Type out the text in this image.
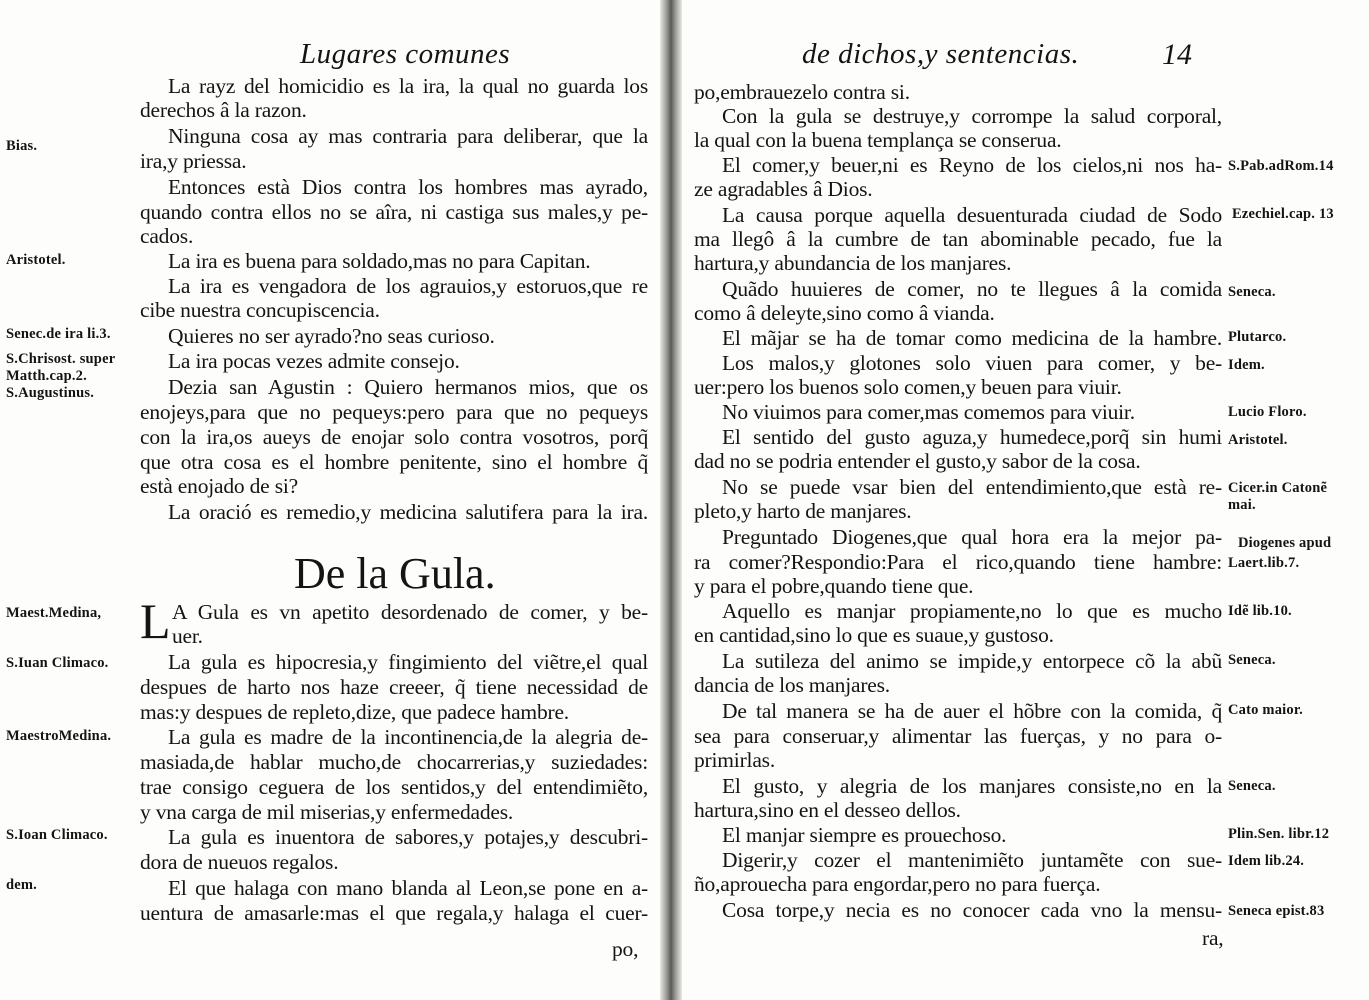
Lugares comunes
La rayz del homicidio es la ira, la qual no guarda los
derechos â la razon.
Ninguna cosa ay mas contraria para deliberar, que la
ira,y priessa.
Entonces està Dios contra los hombres mas ayrado,
quando contra ellos no se aîra, ni castiga sus males,y pe-
cados.
La ira es buena para soldado,mas no para Capitan.
La ira es vengadora de los agrauios,y estoruos,que re
cibe nuestra concupiscencia.
Quieres no ser ayrado?no seas curioso.
La ira pocas vezes admite consejo.
Dezia san Agustin : Quiero hermanos mios, que os
enojeys,para que no pequeys:pero para que no pequeys
con la ira,os aueys de enojar solo contra vosotros, porq̃
que otra cosa es el hombre penitente, sino el hombre q̃
està enojado de si?
La oració es remedio,y medicina salutifera para la ira.
A Gula es vn apetito desordenado de comer, y be-
uer.
La gula es hipocresia,y fingimiento del viẽtre,el qual
despues de harto nos haze creeer, q̃ tiene necessidad de
mas:y despues de repleto,dize, que padece hambre.
La gula es madre de la incontinencia,de la alegria de-
masiada,de hablar mucho,de chocarrerias,y suziedades:
trae consigo ceguera de los sentidos,y del entendimiẽto,
y vna carga de mil miserias,y enfermedades.
La gula es inuentora de sabores,y potajes,y descubri-
dora de nueuos regalos.
El que halaga con mano blanda al Leon,se pone en a-
uentura de amasarle:mas el que regala,y halaga el cuer-
po,
Bias.
Aristotel.
Senec.de ira li.3.
S.Chrisost. super
Matth.cap.2.
S.Augustinus.
Maest.Medina,
S.Iuan Climaco.
MaestroMedina.
S.Ioan Climaco.
dem.
De la Gula.
L
de dichos,y sentencias.	14
po,embrauezelo contra si.
Con la gula se destruye,y corrompe la salud corporal,
la qual con la buena templança se conserua.
El comer,y beuer,ni es Reyno de los cielos,ni nos ha-
ze agradables â Dios.
La causa porque aquella desuenturada ciudad de Sodo
ma llegô â la cumbre de tan abominable pecado, fue la
hartura,y abundancia de los manjares.
Quãdo huuieres de comer, no te llegues â la comida
como â deleyte,sino como â vianda.
El mãjar se ha de tomar como medicina de la hambre.
Los malos,y glotones solo viuen para comer, y be-
uer:pero los buenos solo comen,y beuen para viuir.
No viuimos para comer,mas comemos para viuir.
El sentido del gusto aguza,y humedece,porq̃ sin humi
dad no se podria entender el gusto,y sabor de la cosa.
No se puede vsar bien del entendimiento,que està re-
pleto,y harto de manjares.
Preguntado Diogenes,que qual hora era la mejor pa-
ra comer?Respondio:Para el rico,quando tiene hambre:
y para el pobre,quando tiene que.
Aquello es manjar propiamente,no lo que es mucho
en cantidad,sino lo que es suaue,y gustoso.
La sutileza del animo se impide,y entorpece cõ la abũ
dancia de los manjares.
De tal manera se ha de auer el hõbre con la comida, q̃
sea para conseruar,y alimentar las fuerças, y no para o-
primirlas.
El gusto, y alegria de los manjares consiste,no en la
hartura,sino en el desseo dellos.
El manjar siempre es prouechoso.
Digerir,y cozer el mantenimiẽto juntamẽte con sue-
ño,aprouecha para engordar,pero no para fuerça.
Cosa torpe,y necia es no conocer cada vno la mensu-
ra,
S.Pab.adRom.14
Ezechiel.cap. 13
Seneca.
Plutarco.
Idem.
Lucio Floro.
Aristotel.
Cicer.in Catonẽ
mai.
Diogenes apud
Laert.lib.7.
Idẽ lib.10.
Seneca.
Cato maior.
Seneca.
Plin.Sen. libr.12
Idem lib.24.
Seneca epist.83
